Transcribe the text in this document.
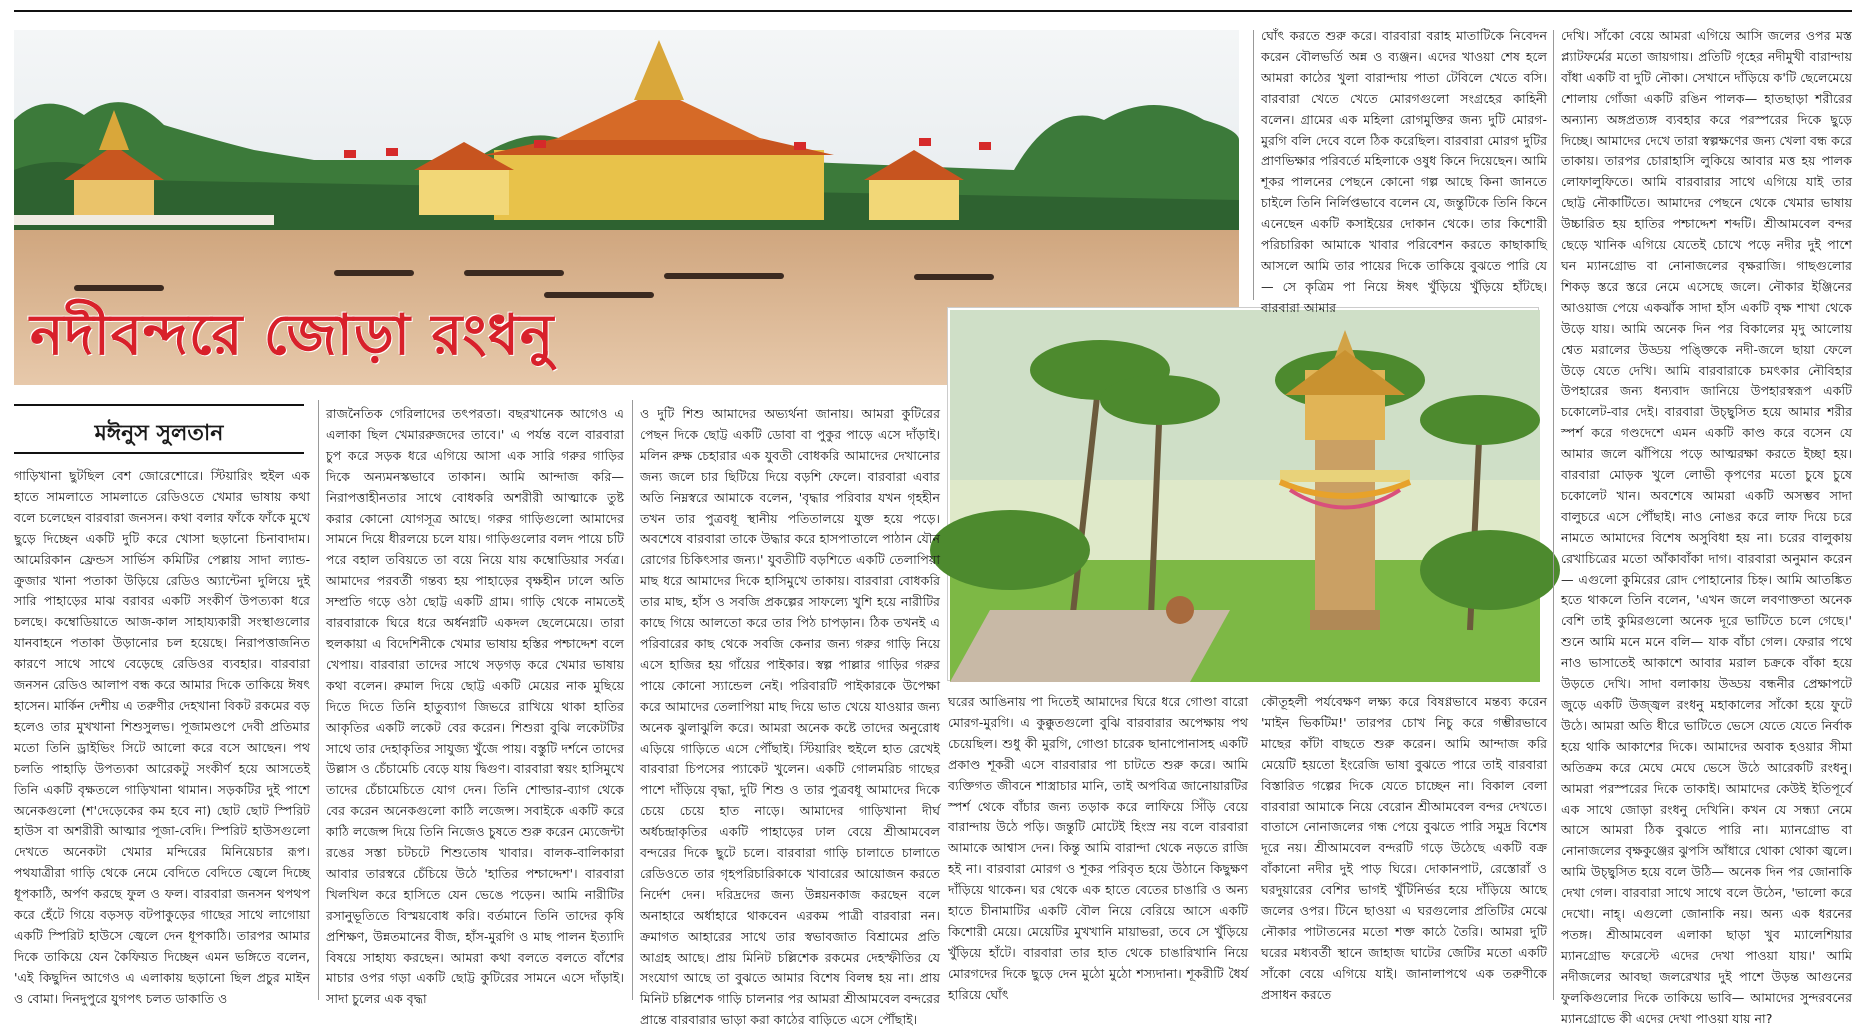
নদীবন্দরে জোড়া রংধনু
মঈনুস সুলতান

গাড়িখানা ছুটছিল বেশ জোরেশোরে। স্টিয়ারিং হুইল এক হাতে সামলাতে সামলাতে রেডিওতে খেমার ভাষায় কথা বলে চলেছেন বারবারা জনসন। কথা বলার ফাঁকে ফাঁকে মুখে ছুড়ে দিচ্ছেন একটি দুটি করে খোসা ছড়ানো চিনাবাদাম। আমেরিকান ফ্রেন্ডস সার্ভিস কমিটির পেল্লায় সাদা ল্যান্ড-ক্রুজার খানা পতাকা উড়িয়ে রেডিও অ্যান্টেনা দুলিয়ে দুই সারি পাহাড়ের মাঝ বরাবর একটি সংকীর্ণ উপত্যকা ধরে চলছে। কম্বোডিয়াতে আজ-কাল সাহায্যকারী সংস্থাগুলোর যানবাহনে পতাকা উড়ানোর চল হয়েছে। নিরাপত্তাজনিত কারণে সাথে সাথে বেড়েছে রেডিওর ব্যবহার। বারবারা জনসন রেডিও আলাপ বন্ধ করে আমার দিকে তাকিয়ে ঈষৎ হাসেন। মার্কিন দেশীয় এ তরুণীর দেহখানা বিকট রকমের বড় হলেও তার মুখখানা শিশুসুলভ। পূজামণ্ডপে দেবী প্রতিমার মতো তিনি ড্রাইভিং সিটে আলো করে বসে আছেন। পথ চলতি পাহাড়ি উপত্যকা আরেকটু সংকীর্ণ হয়ে আসতেই তিনি একটি বৃক্ষতলে গাড়িখানা থামান। সড়কটির দুই পাশে অনেকগুলো (শ'দেড়েকের কম হবে না) ছোট ছোট স্পিরিট হাউস বা অশরীরী আত্মার পূজা-বেদি। স্পিরিট হাউসগুলো দেখতে অনেকটা খেমার মন্দিরের মিনিয়েচার রূপ। পথযাত্রীরা গাড়ি থেকে নেমে বেদিতে বেদিতে জ্বেলে দিচ্ছে ধূপকাঠি, অর্পণ করছে ফুল ও ফল। বারবারা জনসন থপথপ করে হেঁটে গিয়ে বড়সড় বটপাকুড়ের গাছের সাথে লাগোয়া একটি স্পিরিট হাউসে জ্বেলে দেন ধূপকাঠি। তারপর আমার দিকে তাকিয়ে যেন কৈফিয়ত দিচ্ছেন এমন ভঙ্গিতে বলেন, 'এই কিছুদিন আগেও এ এলাকায় ছড়ানো ছিল প্রচুর মাইন ও বোমা। দিনদুপুরে যুগপৎ চলত ডাকাতি ও

রাজনৈতিক গেরিলাদের তৎপরতা। বছরখানেক আগেও এ এলাকা ছিল খেমাররুজদের তাবে।' এ পর্যন্ত বলে বারবারা চুপ করে সড়ক ধরে এগিয়ে আসা এক সারি গরুর গাড়ির দিকে অন্যমনস্কভাবে তাকান। আমি আন্দাজ করি— নিরাপত্তাহীনতার সাথে বোধকরি অশরীরী আত্মাকে তুষ্ট করার কোনো যোগসূত্র আছে। গরুর গাড়িগুলো আমাদের সামনে দিয়ে ধীরলয়ে চলে যায়। গাড়িগুলোর বলদ পায়ে চটি পরে বহাল তবিয়তে তা বয়ে নিয়ে যায় কম্বোডিয়ার সর্বত্র। আমাদের পরবর্তী গন্তব্য হয় পাহাড়ের বৃক্ষহীন ঢালে অতি সম্প্রতি গড়ে ওঠা ছোট্ট একটি গ্রাম। গাড়ি থেকে নামতেই বারবারাকে ঘিরে ধরে অর্ধনগ্নটি একদল ছেলেমেয়ে। তারা হুলকায়া এ বিদেশিনীকে খেমার ভাষায় হস্তির পশ্চাদ্দেশ বলে খেপায়। বারবারা তাদের সাথে সড়গড় করে খেমার ভাষায় কথা বলেন। রুমাল দিয়ে ছোট্ট একটি মেয়ের নাক মুছিয়ে দিতে দিতে তিনি হাতুব্যাগ জিভরে রাখিয়ে থাকা হাতির আকৃতির একটি লকেট বের করেন। শিশুরা বুঝি লকেটটির সাথে তার দেহাকৃতির সাযুজ্য খুঁজে পায়। বস্তুটি দর্শনে তাদের উল্লাস ও চেঁচামেচি বেড়ে যায় দ্বিগুণ। বারবারা স্বয়ং হাসিমুখে তাদের চেঁচামেচিতে যোগ দেন। তিনি শোল্ডার-ব্যাগ থেকে বের করেন অনেকগুলো কাঠি লজেন্স। সবাইকে একটি করে কাঠি লজেন্স দিয়ে তিনি নিজেও চুষতে শুরু করেন ম্যেজেন্টা রঙের সস্তা চটচটে শিশুতোষ খাবার। বালক-বালিকারা আবার তারস্বরে চেঁচিয়ে উঠে 'হাতির পশ্চাদ্দেশ'। বারবারা খিলখিল করে হাসিতে যেন ভেঙে পড়েন। আমি নারীটির রসানুভূতিতে বিস্ময়বোধ করি। বর্তমানে তিনি তাদের কৃষি প্রশিক্ষণ, উন্নতমানের বীজ, হাঁস-মুরগি ও মাছ পালন ইত্যাদি বিষয়ে সাহায্য করছেন। আমরা কথা বলতে বলতে বাঁশের মাচার ওপর গড়া একটি ছোট্ট কুটিরের সামনে এসে দাঁড়াই। সাদা চুলের এক বৃদ্ধা

ও দুটি শিশু আমাদের অভ্যর্থনা জানায়। আমরা কুটিরের পেছন দিকে ছোট্ট একটি ডোবা বা পুকুর পাড়ে এসে দাঁড়াই। মলিন রুক্ষ চেহারার এক যুবতী বোধকরি আমাদের দেখানোর জন্য জলে চার ছিটিয়ে দিয়ে বড়শি ফেলে। বারবারা এবার অতি নিম্নস্বরে আমাকে বলেন, 'বৃদ্ধার পরিবার যখন গৃহহীন তখন তার পুত্রবধূ স্থানীয় পতিতালয়ে যুক্ত হয়ে পড়ে। অবশেষে বারবারা তাকে উদ্ধার করে হাসপাতালে পাঠান যৌন রোগের চিকিৎসার জন্য।' যুবতীটি বড়শিতে একটি তেলাপিয়া মাছ ধরে আমাদের দিকে হাসিমুখে তাকায়। বারবারা বোধকরি তার মাছ, হাঁস ও সবজি প্রকল্পের সাফল্যে খুশি হয়ে নারীটির কাছে গিয়ে আলতো করে তার পিঠ চাপড়ান। ঠিক তখনই এ পরিবারের কাছ থেকে সবজি কেনার জন্য গরুর গাড়ি নিয়ে এসে হাজির হয় গাঁয়ের পাইকার। স্বল্প পাল্লার গাড়ির গরুর পায়ে কোনো স্যান্ডেল নেই। পরিবারটি পাইকারকে উপেক্ষা করে আমাদের তেলাপিয়া মাছ দিয়ে ভাত খেয়ে যাওয়ার জন্য অনেক ঝুলাঝুলি করে। আমরা অনেক কষ্টে তাদের অনুরোধ এড়িয়ে গাড়িতে এসে পৌঁছাই। স্টিয়ারিং হুইলে হাত রেখেই বারবারা চিপসের প্যাকেট খুলেন। একটি গোলমরিচ গাছের পাশে দাঁড়িয়ে বৃদ্ধা, দুটি শিশু ও তার পুত্রবধূ আমাদের দিকে চেয়ে চেয়ে হাত নাড়ে। আমাদের গাড়িখানা দীর্ঘ অর্ধচন্দ্রাকৃতির একটি পাহাড়ের ঢাল বেয়ে শ্রীআমবেল বন্দরের দিকে ছুটে চলে। বারবারা গাড়ি চালাতে চালাতে রেডিওতে তার গৃহপরিচারিকাকে খাবারের আয়োজন করতে নির্দেশ দেন। দরিদ্রদের জন্য উন্নয়নকাজ করছেন বলে অনাহারে অর্ধাহারে থাকবেন এরকম পাত্রী বারবারা নন। ক্রমাগত আহারের সাথে তার স্বভাবজাত বিশ্রামের প্রতি আগ্রহ আছে। প্রায় মিনিট চল্লিশেক রকমের দেহস্ফীতির যে সংযোগ আছে তা বুঝতে আমার বিশেষ বিলম্ব হয় না। প্রায় মিনিট চল্লিশেক গাড়ি চালনার পর আমরা শ্রীআমবেল বন্দরের প্রান্তে বারবারার ভাড়া করা কাঠের বাড়িতে এসে পৌঁছাই।

ঘরের আঙিনায় পা দিতেই আমাদের ঘিরে ধরে গোণ্ডা বারো মোরগ-মুরগি। এ কুক্কুতগুলো বুঝি বারবারার অপেক্ষায় পথ চেয়েছিল। শুধু কী মুরগি, গোণ্ডা চারেক ছানাপোনাসহ একটি প্রকাণ্ড শূকরী এসে বারবারার পা চাটতে শুরু করে। আমি ব্যক্তিগত জীবনে শাস্ত্রাচার মানি, তাই অপবিত্র জানোয়ারটির স্পর্শ থেকে বাঁচার জন্য তড়াক করে লাফিয়ে সিঁড়ি বেয়ে বারান্দায় উঠে পড়ি। জন্তুটি মোটেই হিংস্র নয় বলে বারবারা আমাকে আশ্বাস দেন। কিন্তু আমি বারান্দা থেকে নড়তে রাজি হই না। বারবারা মোরগ ও শূকর পরিবৃত হয়ে উঠানে কিছুক্ষণ দাঁড়িয়ে থাকেন। ঘর থেকে এক হাতে বেতের চাঙারি ও অন্য হাতে চীনামাটির একটি বৌল নিয়ে বেরিয়ে আসে একটি কিশোরী মেয়ে। মেয়েটির মুখখানি মায়াভরা, তবে সে খুঁড়িয়ে খুঁড়িয়ে হাঁটে। বারবারা তার হাত থেকে চাঙারিখানি নিয়ে মোরগদের দিকে ছুড়ে দেন মুঠো মুঠো শস্যদানা। শূকরীটি ধৈর্য হারিয়ে ঘোঁৎ

ঘোঁৎ করতে শুরু করে। বারবারা বরাহ মাতাটিকে নিবেদন করেন বৌলভর্তি অন্ন ও ব্যঞ্জন। এদের খাওয়া শেষ হলে আমরা কাঠের খুলা বারান্দায় পাতা টেবিলে খেতে বসি। বারবারা খেতে খেতে মোরগগুলো সংগ্রহের কাহিনী বলেন। গ্রামের এক মহিলা রোগমুক্তির জন্য দুটি মোরগ-মুরগি বলি দেবে বলে ঠিক করেছিল। বারবারা মোরগ দুটির প্রাণভিক্ষার পরিবর্তে মহিলাকে ওষুধ কিনে দিয়েছেন। আমি শূকর পালনের পেছনে কোনো গল্প আছে কিনা জানতে চাইলে তিনি নির্লিপ্তভাবে বলেন যে, জন্তুটিকে তিনি কিনে এনেছেন একটি কসাইয়ের দোকান থেকে। তার কিশোরী পরিচারিকা আমাকে খাবার পরিবেশন করতে কাছাকাছি আসলে আমি তার পায়ের দিকে তাকিয়ে বুঝতে পারি যে— সে কৃত্রিম পা নিয়ে ঈষৎ খুঁড়িয়ে খুঁড়িয়ে হাঁটছে। বারবারা আমার

কৌতূহলী পর্যবেক্ষণ লক্ষ্য করে বিষণ্ণভাবে মন্তব্য করেন 'মাইন ভিকটিম!' তারপর চোখ নিচু করে গম্ভীরভাবে মাছের কাঁটা বাছতে শুরু করেন। আমি আন্দাজ করি মেয়েটি হয়তো ইংরেজি ভাষা বুঝতে পারে তাই বারবারা বিস্তারিত গল্পের দিকে যেতে চাচ্ছেন না। বিকাল বেলা বারবারা আমাকে নিয়ে বেরোন শ্রীআমবেল বন্দর দেখতে। বাতাসে নোনাজলের গন্ধ পেয়ে বুঝতে পারি সমুদ্র বিশেষ দূরে নয়। শ্রীআমবেল বন্দরটি গড়ে উঠেছে একটি বক্র বাঁকানো নদীর দুই পাড় ঘিরে। দোকানপাট, রেস্তোরাঁ ও ঘরদুয়ারের বেশির ভাগই খুঁটিনির্ভর হয়ে দাঁড়িয়ে আছে জলের ওপর। টিনে ছাওয়া এ ঘরগুলোর প্রতিটির মেঝে নৌকার পাটাতনের মতো শক্ত কাঠে তৈরি। আমরা দুটি ঘরের মধ্যবর্তী স্থানে জাহাজ ঘাটের জেটির মতো একটি সাঁকো বেয়ে এগিয়ে যাই। জানালাপথে এক তরুণীকে প্রসাধন করতে

দেখি। সাঁকো বেয়ে আমরা এগিয়ে আসি জলের ওপর মস্ত প্ল্যাটফর্মের মতো জায়গায়। প্রতিটি গৃহের নদীমুখী বারান্দায় বাঁধা একটি বা দুটি নৌকা। সেখানে দাঁড়িয়ে ক'টি ছেলেমেয়ে শোলায় গোঁজা একটি রঙিন পালক— হাতছাড়া শরীরের অন্যান্য অঙ্গপ্রত্যঙ্গ ব্যবহার করে পরস্পরের দিকে ছুড়ে দিচ্ছে। আমাদের দেখে তারা স্বল্পক্ষণের জন্য খেলা বন্ধ করে তাকায়। তারপর চোরাহাসি লুকিয়ে আবার মত্ত হয় পালক লোফালুফিতে। আমি বারবারার সাথে এগিয়ে যাই তার ছোট্ট নৌকাটিতে। আমাদের পেছনে থেকে খেমার ভাষায় উচ্চারিত হয় হাতির পশ্চাদ্দেশ শব্দটি। শ্রীআমবেল বন্দর ছেড়ে খানিক এগিয়ে যেতেই চোখে পড়ে নদীর দুই পাশে ঘন ম্যানগ্রোভ বা নোনাজলের বৃক্ষরাজি। গাছগুলোর শিকড় স্তরে স্তরে নেমে এসেছে জলে। নৌকার ইঞ্জিনের আওয়াজ পেয়ে একঝাঁক সাদা হাঁস একটি বৃক্ষ শাখা থেকে উড়ে যায়। আমি অনেক দিন পর বিকালের মৃদু আলোয় শ্বেত মরালের উড্ডয় পঙ্ক্তিকে নদী-জলে ছায়া ফেলে উড়ে যেতে দেখি। আমি বারবারাকে চমৎকার নৌবিহার উপহারের জন্য ধন্যবাদ জানিয়ে উপহারস্বরূপ একটি চকোলেট-বার দেই। বারবারা উচ্ছ্বসিত হয়ে আমার শরীর স্পর্শ করে গণ্ডদেশে এমন একটি কাণ্ড করে বসেন যে আমার জলে ঝাঁপিয়ে পড়ে আত্মরক্ষা করতে ইচ্ছা হয়। বারবারা মোড়ক খুলে লোভী কৃপণের মতো চুষে চুষে চকোলেট খান। অবশেষে আমরা একটি অসম্ভব সাদা বালুচরে এসে পৌঁছাই। নাও নোঙর করে লাফ দিয়ে চরে নামতে আমাদের বিশেষ অসুবিধা হয় না। চরের বালুকায় রেখাচিত্রের মতো আঁকাবাঁকা দাগ। বারবারা অনুমান করেন— এগুলো কুমিরের রোদ পোহানোর চিহ্ন। আমি আতঙ্কিত হতে থাকলে তিনি বলেন, 'এখন জলে লবণাক্ততা অনেক বেশি তাই কুমিরগুলো অনেক দূরে ভাটিতে চলে গেছে।' শুনে আমি মনে মনে বলি— যাক বাঁচা গেল। ফেরার পথে নাও ভাসাতেই আকাশে আবার মরাল চক্রকে বাঁকা হয়ে উড়তে দেখি। সাদা বলাকায় উড্ডয় বন্ধনীর প্রেক্ষাপটে জুড়ে একটি উজ্জ্বল রংধনু মহাকালের সাঁকো হয়ে ফুটে উঠে। আমরা অতি ধীরে ভাটিতে ভেসে যেতে যেতে নির্বাক হয়ে থাকি আকাশের দিকে। আমাদের অবাক হওয়ার সীমা অতিক্রম করে মেঘে মেঘে ভেসে উঠে আরেকটি রংধনু। আমরা পরস্পরের দিকে তাকাই। আমাদের কেউই ইতিপূর্বে এক সাথে জোড়া রংধনু দেখিনি। কখন যে সন্ধ্যা নেমে আসে আমরা ঠিক বুঝতে পারি না। ম্যানগ্রোভ বা নোনাজলের বৃক্ষকুঞ্জের ঝুপসি আঁধারে থোকা থোকা জ্বলে। আমি উচ্ছ্বসিত হয়ে বলে উঠি— অনেক দিন পর জোনাকি দেখা গেল। বারবারা সাথে সাথে বলে উঠেন, 'ভালো করে দেখো। নাহ্। এগুলো জোনাকি নয়। অন্য এক ধরনের পতঙ্গ। শ্রীআমবেল এলাকা ছাড়া খুব ম্যালেশিয়ার ম্যানগ্রোভ ফরেস্টে এদের দেখা পাওয়া যায়।' আমি নদীজলের আবছা জলরেখার দুই পাশে উড়ন্ত আগুনের ফুলকিগুলোর দিকে তাকিয়ে ভাবি— আমাদের সুন্দরবনের ম্যানগ্রোভে কী এদের দেখা পাওয়া যায় না?
